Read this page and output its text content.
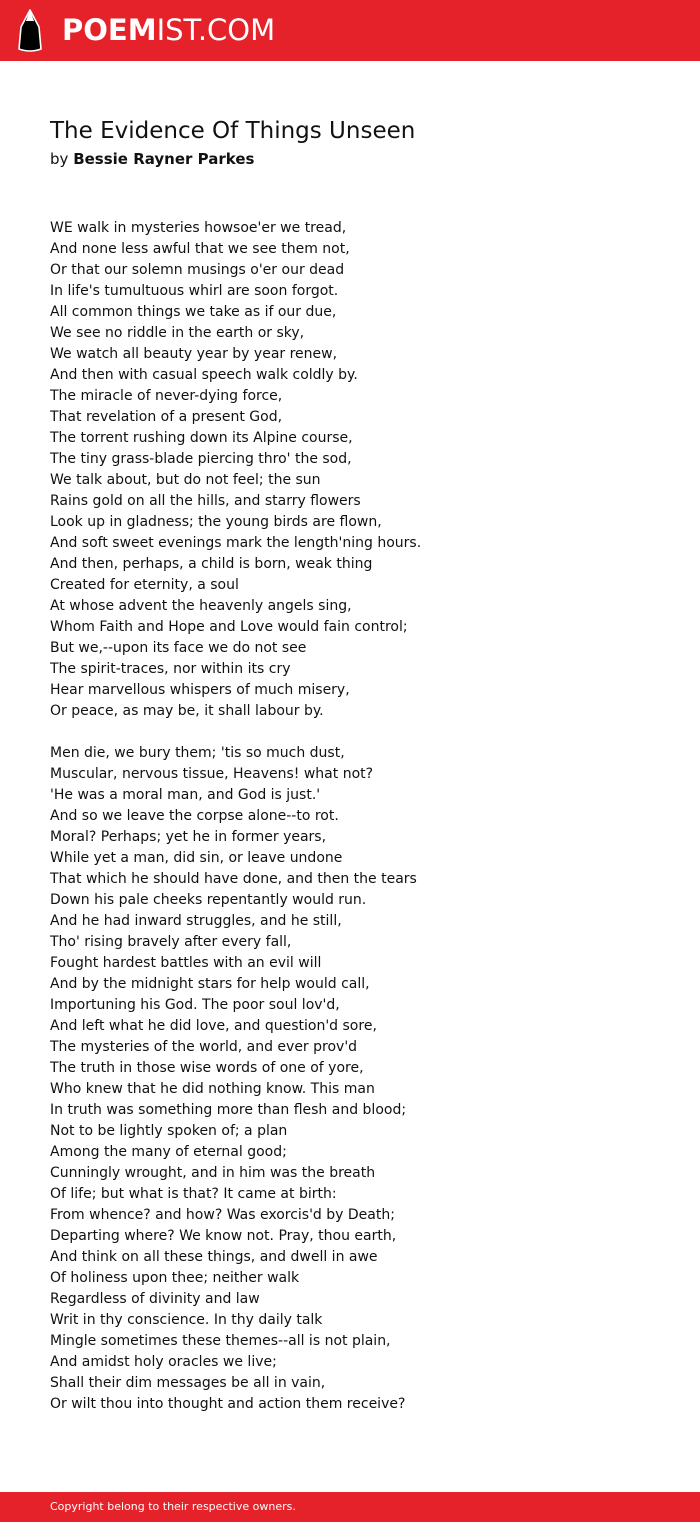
POEMIST.COM
The Evidence Of Things Unseen
by Bessie Rayner Parkes
WE walk in mysteries howsoe'er we tread,
And none less awful that we see them not,
Or that our solemn musings o'er our dead
In life's tumultuous whirl are soon forgot.
All common things we take as if our due,
We see no riddle in the earth or sky,
We watch all beauty year by year renew,
And then with casual speech walk coldly by.
The miracle of never-dying force,
That revelation of a present God,
The torrent rushing down its Alpine course,
The tiny grass-blade piercing thro' the sod,
We talk about, but do not feel; the sun
Rains gold on all the hills, and starry flowers
Look up in gladness; the young birds are flown,
And soft sweet evenings mark the length'ning hours.
And then, perhaps, a child is born, weak thing
Created for eternity, a soul
At whose advent the heavenly angels sing,
Whom Faith and Hope and Love would fain control;
But we,--upon its face we do not see
The spirit-traces, nor within its cry
Hear marvellous whispers of much misery,
Or peace, as may be, it shall labour by.
Men die, we bury them; 'tis so much dust,
Muscular, nervous tissue, Heavens! what not?
'He was a moral man, and God is just.'
And so we leave the corpse alone--to rot.
Moral? Perhaps; yet he in former years,
While yet a man, did sin, or leave undone
That which he should have done, and then the tears
Down his pale cheeks repentantly would run.
And he had inward struggles, and he still,
Tho' rising bravely after every fall,
Fought hardest battles with an evil will
And by the midnight stars for help would call,
Importuning his God. The poor soul lov'd,
And left what he did love, and question'd sore,
The mysteries of the world, and ever prov'd
The truth in those wise words of one of yore,
Who knew that he did nothing know. This man
In truth was something more than flesh and blood;
Not to be lightly spoken of; a plan
Among the many of eternal good;
Cunningly wrought, and in him was the breath
Of life; but what is that? It came at birth:
From whence? and how? Was exorcis'd by Death;
Departing where? We know not. Pray, thou earth,
And think on all these things, and dwell in awe
Of holiness upon thee; neither walk
Regardless of divinity and law
Writ in thy conscience. In thy daily talk
Mingle sometimes these themes--all is not plain,
And amidst holy oracles we live;
Shall their dim messages be all in vain,
Or wilt thou into thought and action them receive?
Copyright belong to their respective owners.
